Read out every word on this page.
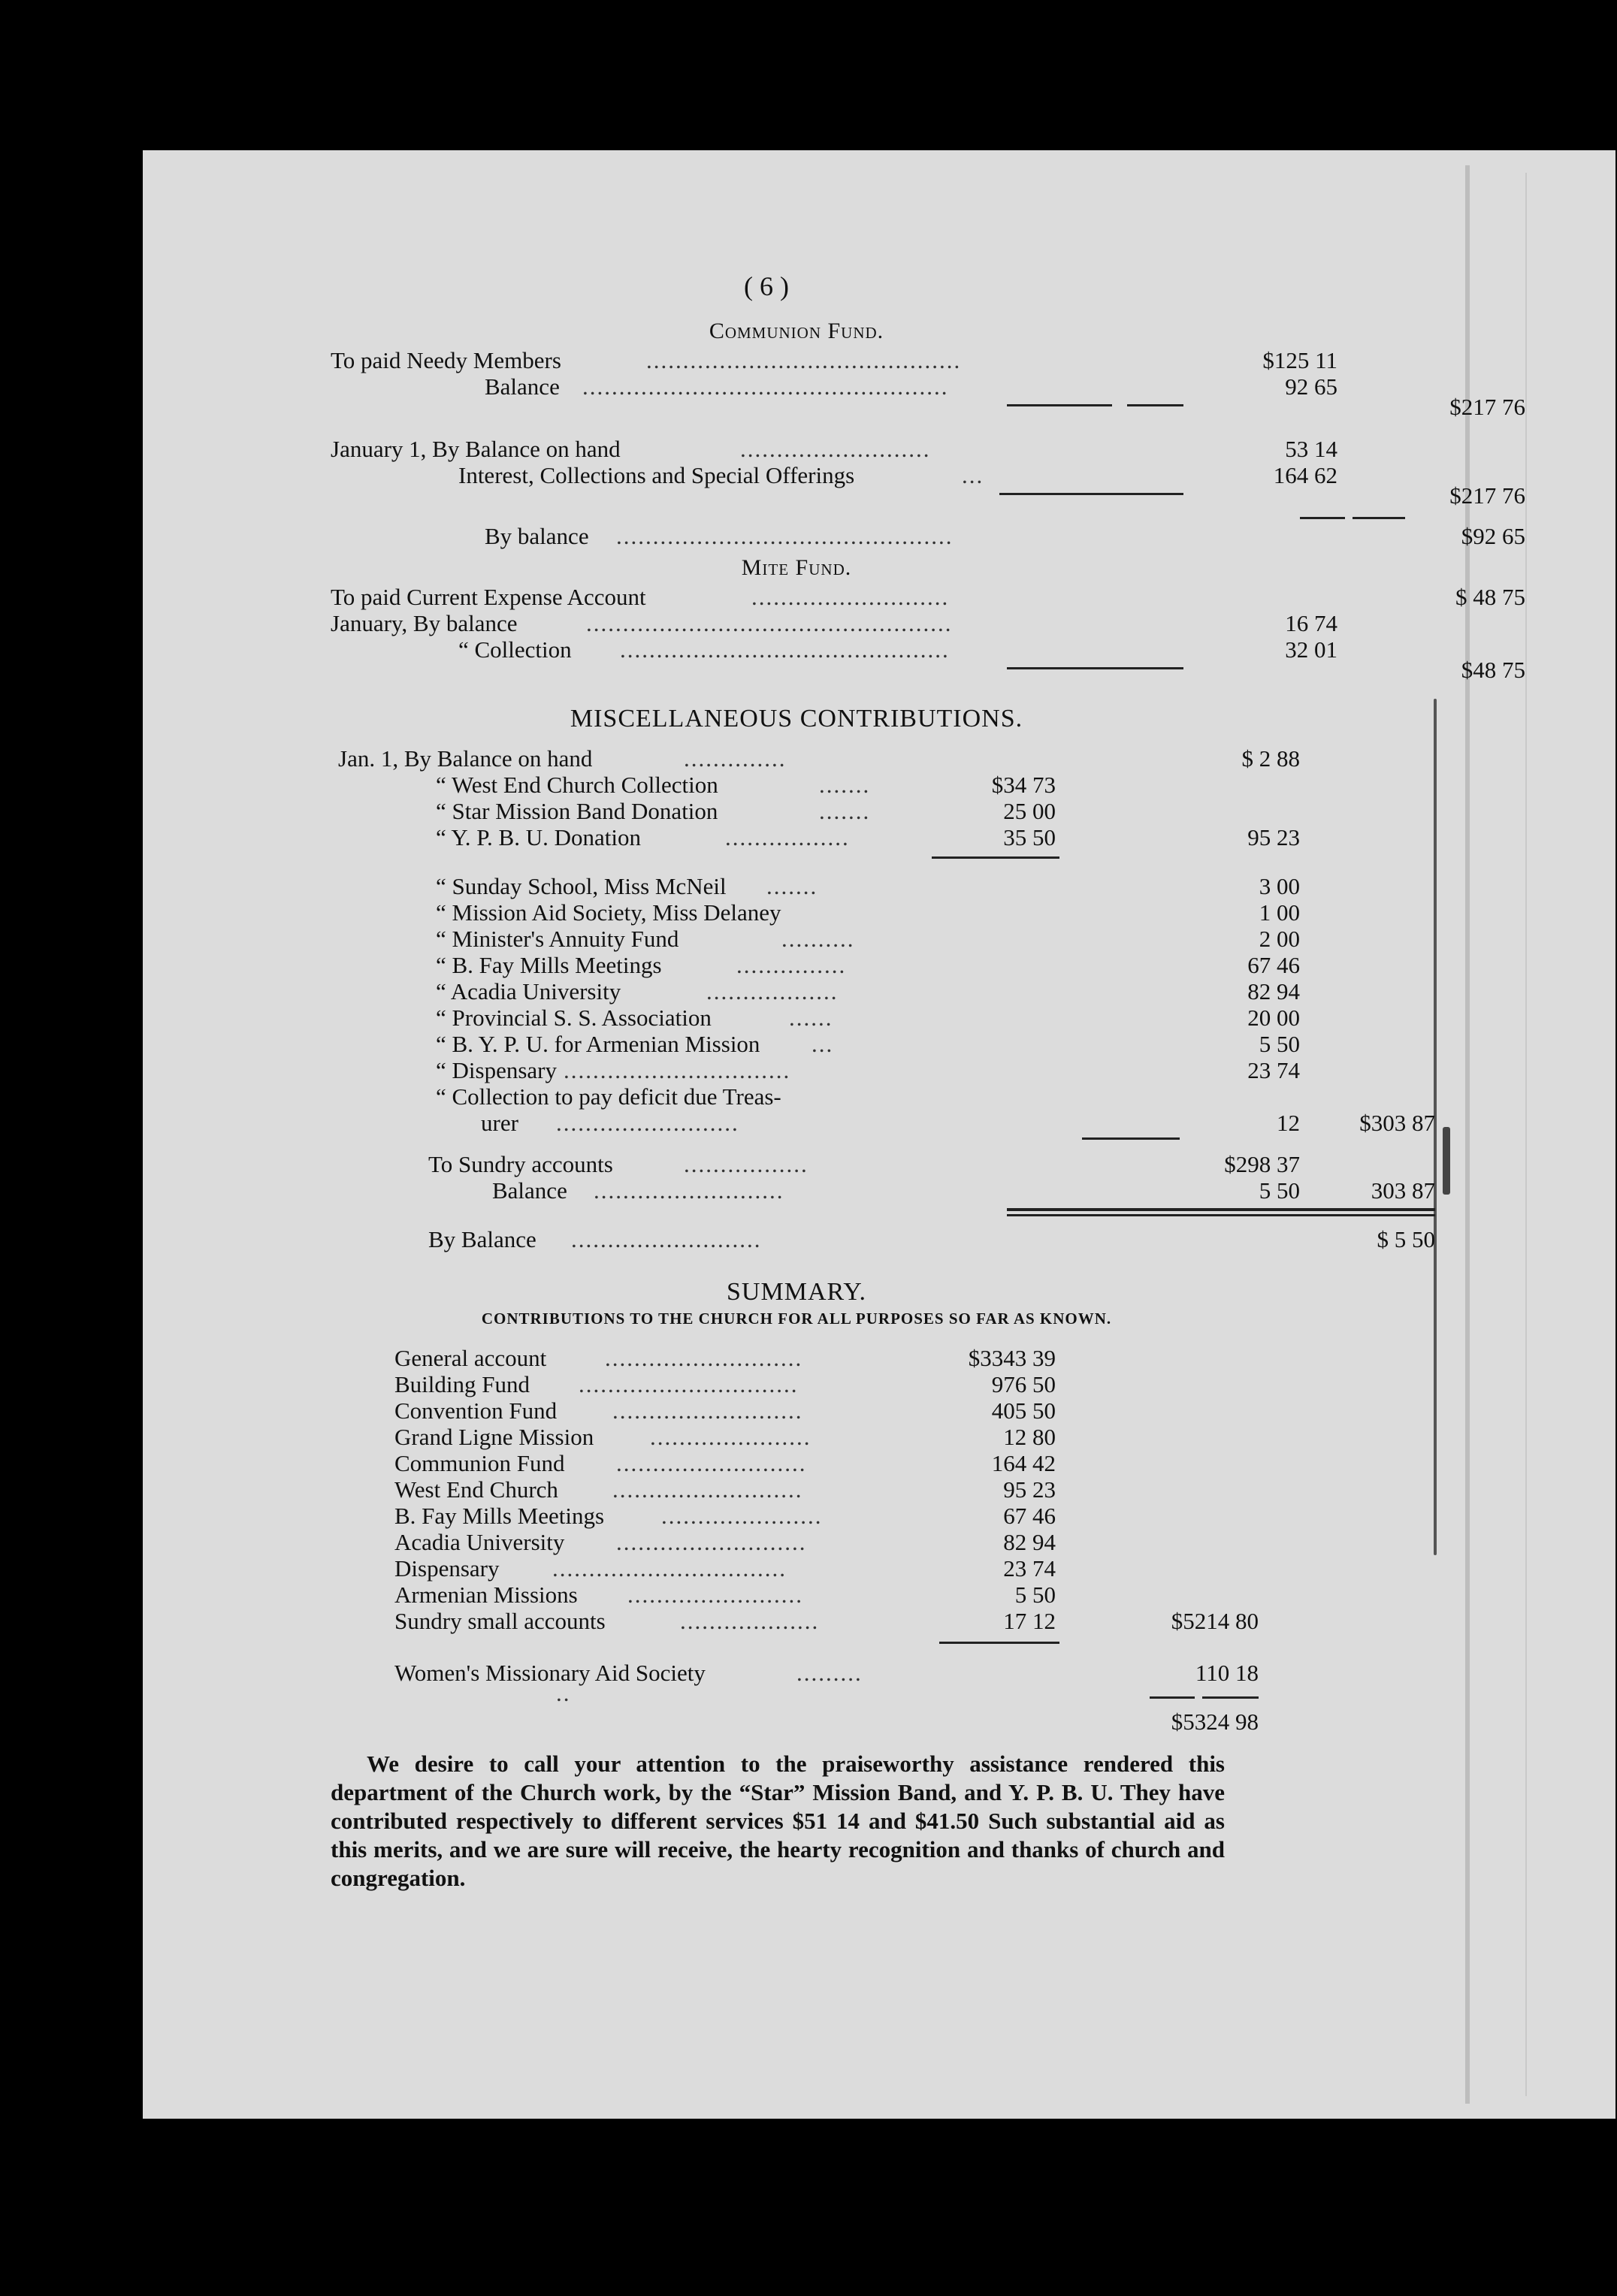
( 6 )
Communion Fund.
To paid Needy Members	...........................................	$125 11
Balance ..................................................	92 65
$217 76
January 1, By Balance on hand	..........................	53 14
Interest, Collections and Special Offerings	...	164 62
$217 76
By balance ..............................................	$92 65
Mite Fund.
To paid Current Expense Account	...........................	$ 48 75
January, By balance	..................................................	16 74
“ Collection .............................................	32 01
$48 75
MISCELLANEOUS CONTRIBUTIONS.
Jan. 1, By Balance on hand	..............	$ 2 88
“ West End Church Collection	.......	$34 73
“ Star Mission Band Donation	.......	25 00
“ Y. P. B. U. Donation	.................	35 50	95 23
“ Sunday School, Miss McNeil .......	3 00
“ Mission Aid Society, Miss Delaney	1 00
“ Minister's Annuity Fund	..........	2 00
“ B. Fay Mills Meetings	...............	67 46
“ Acadia University	..................	82 94
“ Provincial S. S. Association	......	20 00
“ B. Y. P. U. for Armenian Mission ...	5 50
“ Dispensary ...............................	23 74
“ Collection to pay deficit due Treas-
urer .........................	12	$303 87
To Sundry accounts	.................	$298 37
Balance ..........................	5 50	303 87
By Balance ..........................	$ 5 50
SUMMARY.
CONTRIBUTIONS TO THE CHURCH FOR ALL PURPOSES SO FAR AS KNOWN.
General account	...........................	$3343 39
Building Fund ..............................	976 50
Convention Fund ..........................	405 50
Grand Ligne Mission ......................	12 80
Communion Fund ..........................	164 42
West End Church ..........................	95 23
B. Fay Mills Meetings ......................	67 46
Acadia University ..........................	82 94
Dispensary ................................	23 74
Armenian Missions ........................	5 50
Sundry small accounts	...................	17 12	$5214 80
Women's Missionary Aid Society	.........	110 18
..
$5324 98

We desire to call your attention to the praiseworthy assistance rendered this department of the Church work, by the “Star” Mission Band, and Y. P. B. U. They have contributed respectively to different services $51 14 and $41.50 Such substantial aid as this merits, and we are sure will receive, the hearty recognition and thanks of church and congregation.
